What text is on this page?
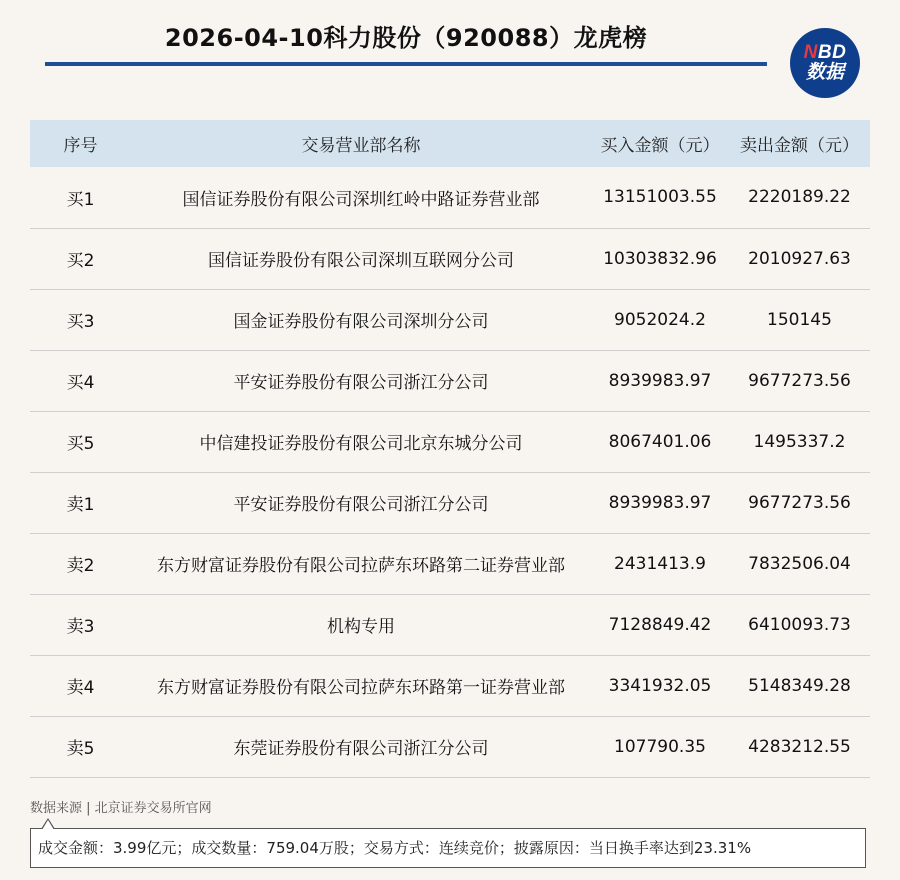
2026-04-10科力股份（920088）龙虎榜	NBD
数据
序号	交易营业部名称	买入金额（元）	卖出金额（元）
买1	国信证券股份有限公司深圳红岭中路证券营业部	13151003.55	2220189.22
买2	国信证券股份有限公司深圳互联网分公司	10303832.96	2010927.63
买3	国金证券股份有限公司深圳分公司	9052024.2	150145
买4	平安证券股份有限公司浙江分公司	8939983.97	9677273.56
买5	中信建投证券股份有限公司北京东城分公司	8067401.06	1495337.2
卖1	平安证券股份有限公司浙江分公司	8939983.97	9677273.56
卖2	东方财富证券股份有限公司拉萨东环路第二证券营业部	2431413.9	7832506.04
卖3	机构专用	7128849.42	6410093.73
卖4	东方财富证券股份有限公司拉萨东环路第一证券营业部	3341932.05	5148349.28
卖5	东莞证券股份有限公司浙江分公司	107790.35	4283212.55
数据来源 | 北京证券交易所官网
成交金额：3.99亿元；成交数量：759.04万股；交易方式：连续竞价；披露原因：当日换手率达到23.31%
